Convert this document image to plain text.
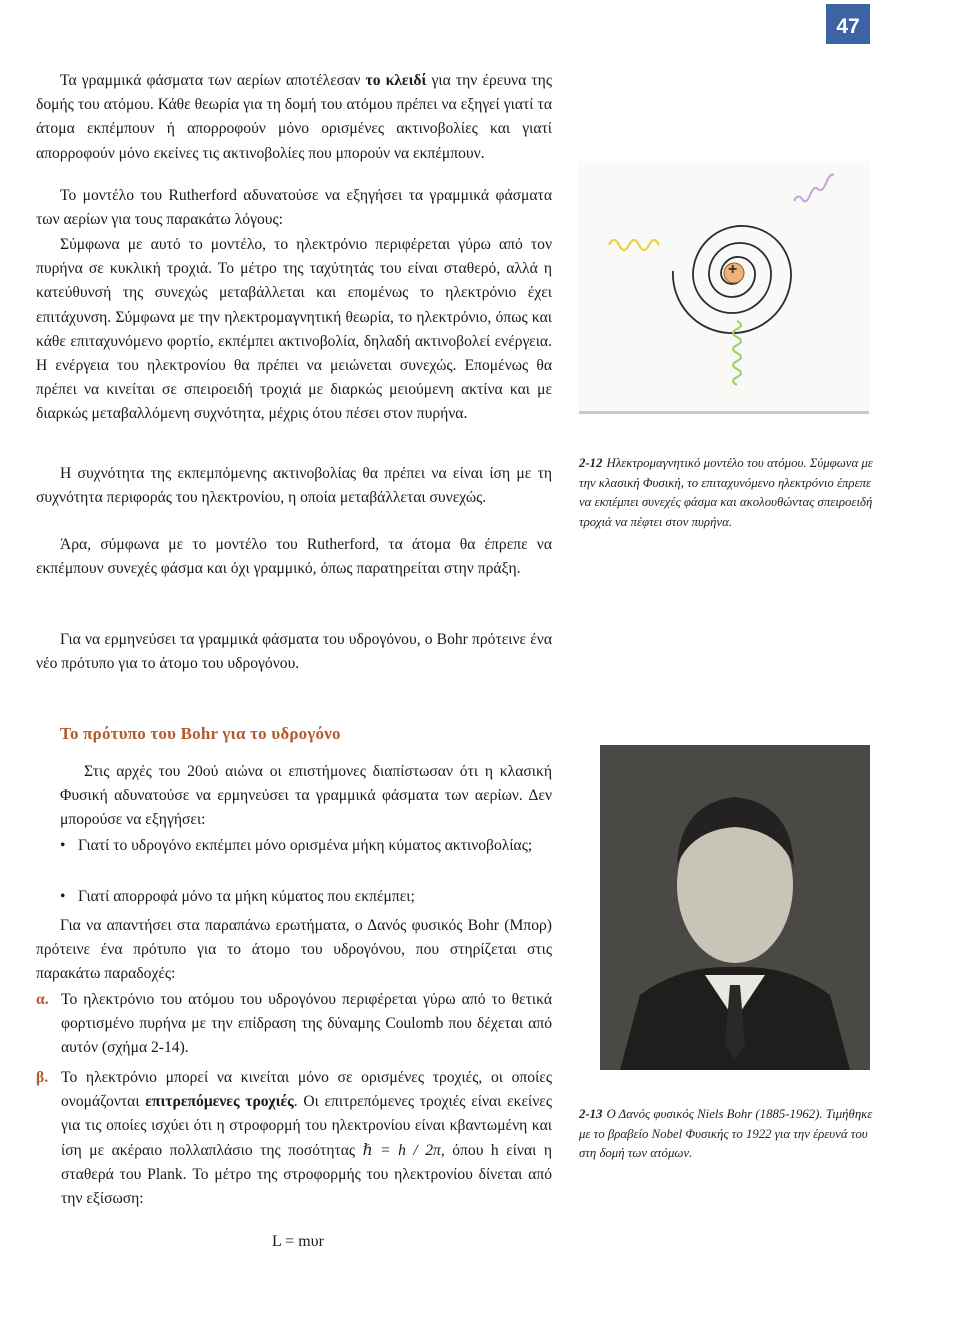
47

Τα γραμμικά φάσματα των αερίων αποτέλεσαν το κλειδί για την έρευνα της δομής του ατόμου. Κάθε θεωρία για τη δομή του ατόμου πρέπει να εξηγεί γιατί τα άτομα εκπέμπουν ή απορροφούν μόνο ορισμένες ακτινοβολίες και γιατί απορροφούν μόνο εκείνες τις ακτινοβολίες που μπορούν να εκπέμπουν.

Το μοντέλο του Rutherford αδυνατούσε να εξηγήσει τα γραμμικά φάσματα των αερίων για τους παρακάτω λόγους:

Σύμφωνα με αυτό το μοντέλο, το ηλεκτρόνιο περιφέρεται γύρω από τον πυρήνα σε κυκλική τροχιά. Το μέτρο της ταχύτητάς του είναι σταθερό, αλλά η κατεύθυνσή της συνεχώς μεταβάλλεται και επομένως το ηλεκτρόνιο έχει επιτάχυνση. Σύμφωνα με την ηλεκτρομαγνητική θεωρία, το ηλεκτρόνιο, όπως και κάθε επιταχυνόμενο φορτίο, εκπέμπει ακτινοβολία, δηλαδή ακτινοβολεί ενέργεια. Η ενέργεια του ηλεκτρονίου θα πρέπει να μειώνεται συνεχώς. Επομένως θα πρέπει να κινείται σε σπειροειδή τροχιά με διαρκώς μειούμενη ακτίνα και με διαρκώς μεταβαλλόμενη συχνότητα, μέχρις ότου πέσει στον πυρήνα.

Η συχνότητα της εκπεμπόμενης ακτινοβολίας θα πρέπει να είναι ίση με τη συχνότητα περιφοράς του ηλεκτρονίου, η οποία μεταβάλλεται συνεχώς.

Άρα, σύμφωνα με το μοντέλο του Rutherford, τα άτομα θα έπρεπε να εκπέμπουν συνεχές φάσμα και όχι γραμμικό, όπως παρατηρείται στην πράξη.

Για να ερμηνεύσει τα γραμμικά φάσματα του υδρογόνου, ο Bohr πρότεινε ένα νέο πρότυπο για το άτομο του υδρογόνου.

+

2-12 Ηλεκτρομαγνητικό μοντέλο του ατόμου. Σύμφωνα με την κλασική Φυσική, το επιταχυνόμενο ηλεκτρόνιο έπρεπε να εκπέμπει συνεχές φάσμα και ακολουθώντας σπειροειδή τροχιά να πέφτει στον πυρήνα.

Το πρότυπο του Bohr για το υδρογόνο

Στις αρχές του 20ού αιώνα οι επιστήμονες διαπίστωσαν ότι η κλασική Φυσική αδυνατούσε να ερμηνεύσει τα γραμμικά φάσματα των αερίων. Δεν μπορούσε να εξηγήσει:

• Γιατί το υδρογόνο εκπέμπει μόνο ορισμένα μήκη κύματος ακτινοβολίας;

• Γιατί απορροφά μόνο τα μήκη κύματος που εκπέμπει;

Για να απαντήσει στα παραπάνω ερωτήματα, ο Δανός φυσικός Bohr (Μπορ) πρότεινε ένα πρότυπο για το άτομο του υδρογόνου, που στηρίζεται στις παρακάτω παραδοχές:

α. Το ηλεκτρόνιο του ατόμου του υδρογόνου περιφέρεται γύρω από το θετικά φορτισμένο πυρήνα με την επίδραση της δύναμης Coulomb που δέχεται από αυτόν (σχήμα 2-14).

β. Το ηλεκτρόνιο μπορεί να κινείται μόνο σε ορισμένες τροχιές, οι οποίες ονομάζονται επιτρεπόμενες τροχιές. Οι επιτρεπόμενες τροχιές είναι εκείνες για τις οποίες ισχύει ότι η στροφορμή του ηλεκτρονίου είναι κβαντωμένη και ίση με ακέραιο πολλαπλάσιο της ποσότητας ℏ = h / 2π, όπου h είναι η σταθερά του Plank. Το μέτρο της στροφορμής του ηλεκτρονίου δίνεται από την εξίσωση:

L = mυr

2-13 Ο Δανός φυσικός Niels Bohr (1885-1962). Τιμήθηκε με το βραβείο Nobel Φυσικής το 1922 για την έρευνά του στη δομή των ατόμων.
